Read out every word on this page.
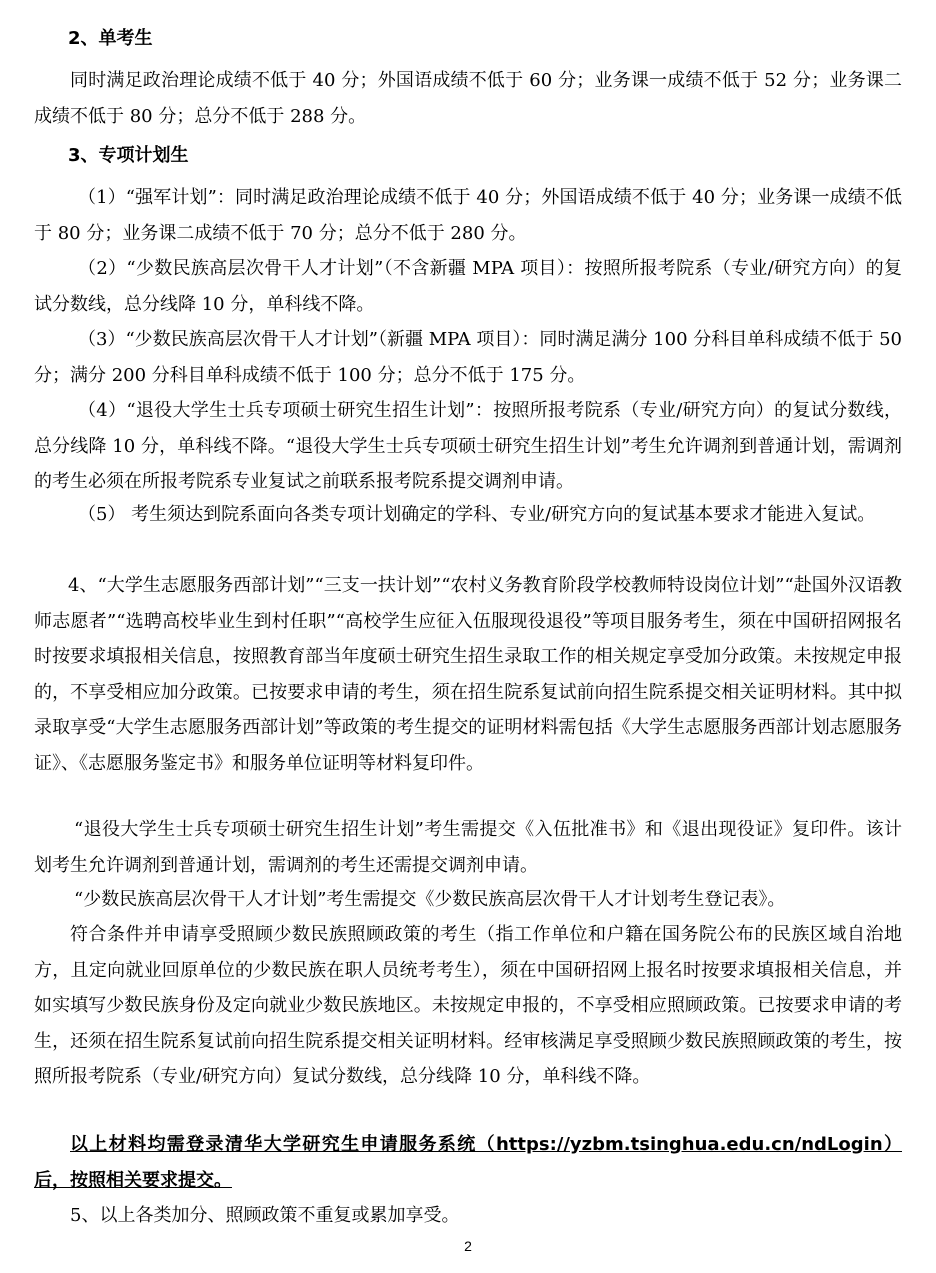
2、单考生

同时满足政治理论成绩不低于 40 分；外国语成绩不低于 60 分；业务课一成绩不低于 52 分；业务课二成绩不低于 80 分；总分不低于 288 分。

3、专项计划生

（1）“强军计划”：同时满足政治理论成绩不低于 40 分；外国语成绩不低于 40 分；业务课一成绩不低于 80 分；业务课二成绩不低于 70 分；总分不低于 280 分。

（2）“少数民族高层次骨干人才计划”（不含新疆 MPA 项目）：按照所报考院系（专业/研究方向）的复试分数线，总分线降 10 分，单科线不降。

（3）“少数民族高层次骨干人才计划”（新疆 MPA 项目）：同时满足满分 100 分科目单科成绩不低于 50 分；满分 200 分科目单科成绩不低于 100 分；总分不低于 175 分。

（4）“退役大学生士兵专项硕士研究生招生计划”：按照所报考院系（专业/研究方向）的复试分数线，总分线降 10 分，单科线不降。“退役大学生士兵专项硕士研究生招生计划”考生允许调剂到普通计划，需调剂的考生必须在所报考院系专业复试之前联系报考院系提交调剂申请。

（5） 考生须达到院系面向各类专项计划确定的学科、专业/研究方向的复试基本要求才能进入复试。

4、“大学生志愿服务西部计划”“三支一扶计划”“农村义务教育阶段学校教师特设岗位计划”“赴国外汉语教师志愿者”“选聘高校毕业生到村任职”“高校学生应征入伍服现役退役”等项目服务考生，须在中国研招网报名时按要求填报相关信息，按照教育部当年度硕士研究生招生录取工作的相关规定享受加分政策。未按规定申报的，不享受相应加分政策。已按要求申请的考生，须在招生院系复试前向招生院系提交相关证明材料。其中拟录取享受“大学生志愿服务西部计划”等政策的考生提交的证明材料需包括《大学生志愿服务西部计划志愿服务证》、《志愿服务鉴定书》和服务单位证明等材料复印件。

“退役大学生士兵专项硕士研究生招生计划”考生需提交《入伍批准书》和《退出现役证》复印件。该计划考生允许调剂到普通计划，需调剂的考生还需提交调剂申请。

“少数民族高层次骨干人才计划”考生需提交《少数民族高层次骨干人才计划考生登记表》。

符合条件并申请享受照顾少数民族照顾政策的考生（指工作单位和户籍在国务院公布的民族区域自治地方，且定向就业回原单位的少数民族在职人员统考考生），须在中国研招网上报名时按要求填报相关信息，并如实填写少数民族身份及定向就业少数民族地区。未按规定申报的，不享受相应照顾政策。已按要求申请的考生，还须在招生院系复试前向招生院系提交相关证明材料。经审核满足享受照顾少数民族照顾政策的考生，按照所报考院系（专业/研究方向）复试分数线，总分线降 10 分，单科线不降。

以上材料均需登录清华大学研究生申请服务系统（https://yzbm.tsinghua.edu.cn/ndLogin）后，按照相关要求提交。

5、以上各类加分、照顾政策不重复或累加享受。

2
